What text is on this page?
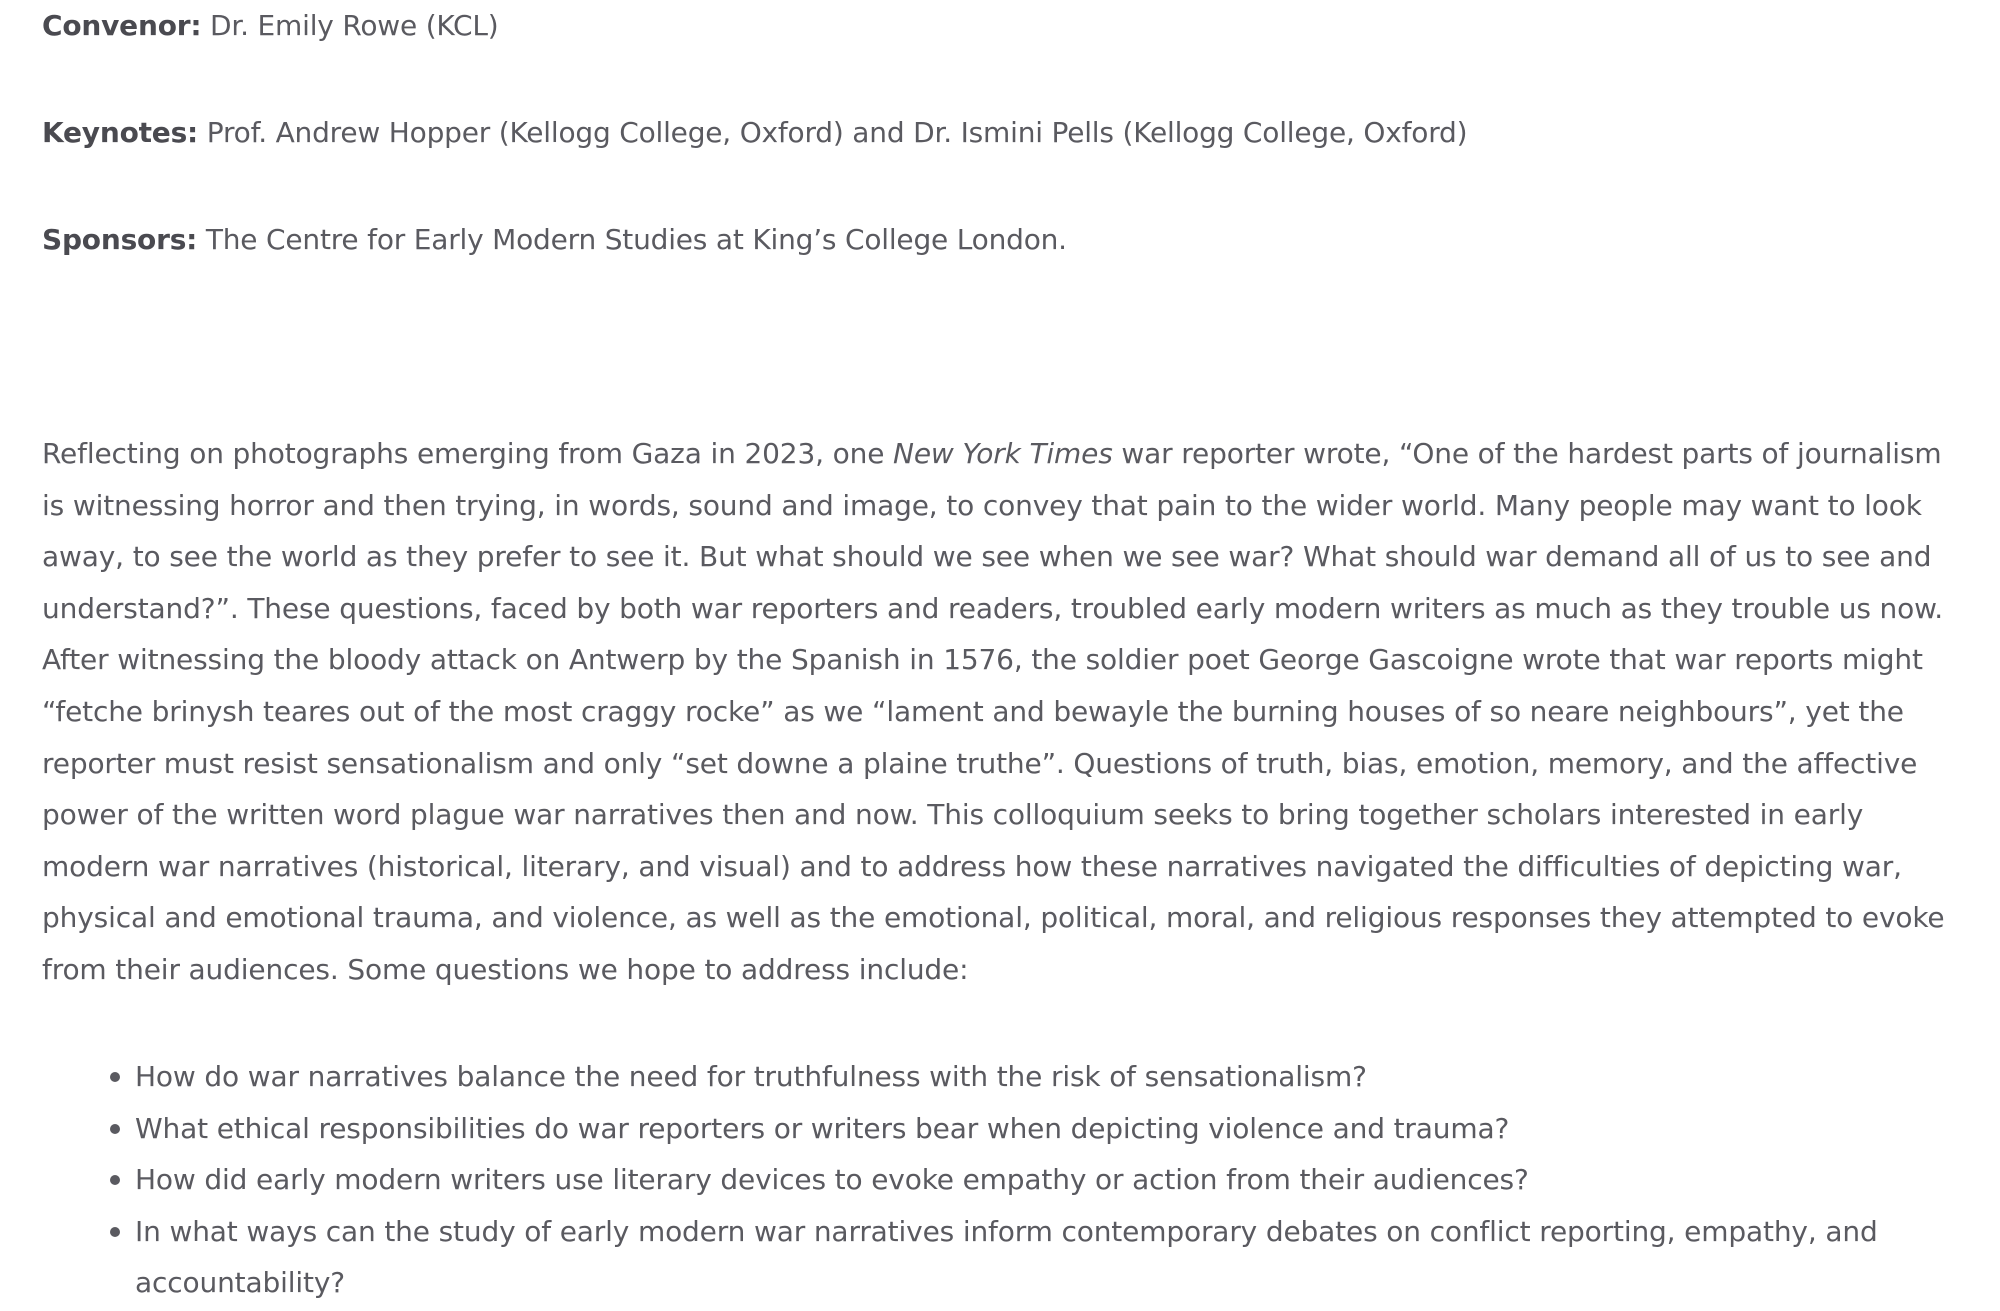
Convenor: Dr. Emily Rowe (KCL)
Keynotes: Prof. Andrew Hopper (Kellogg College, Oxford) and Dr. Ismini Pells (Kellogg College, Oxford)
Sponsors: The Centre for Early Modern Studies at King’s College London.

Reflecting on photographs emerging from Gaza in 2023, one New York Times war reporter wrote, “One of the hardest parts of journalism is witnessing horror and then trying, in words, sound and image, to convey that pain to the wider world. Many people may want to look away, to see the world as they prefer to see it. But what should we see when we see war? What should war demand all of us to see and understand?”. These questions, faced by both war reporters and readers, troubled early modern writers as much as they trouble us now. After witnessing the bloody attack on Antwerp by the Spanish in 1576, the soldier poet George Gascoigne wrote that war reports might “fetche brinysh teares out of the most craggy rocke” as we “lament and bewayle the burning houses of so neare neighbours”, yet the reporter must resist sensationalism and only “set downe a plaine truthe”. Questions of truth, bias, emotion, memory, and the affective power of the written word plague war narratives then and now. This colloquium seeks to bring together scholars interested in early modern war narratives (historical, literary, and visual) and to address how these narratives navigated the difficulties of depicting war, physical and emotional trauma, and violence, as well as the emotional, political, moral, and religious responses they attempted to evoke from their audiences. Some questions we hope to address include:

How do war narratives balance the need for truthfulness with the risk of sensationalism?
What ethical responsibilities do war reporters or writers bear when depicting violence and trauma?
How did early modern writers use literary devices to evoke empathy or action from their audiences?
In what ways can the study of early modern war narratives inform contemporary debates on conflict reporting, empathy, and accountability?
